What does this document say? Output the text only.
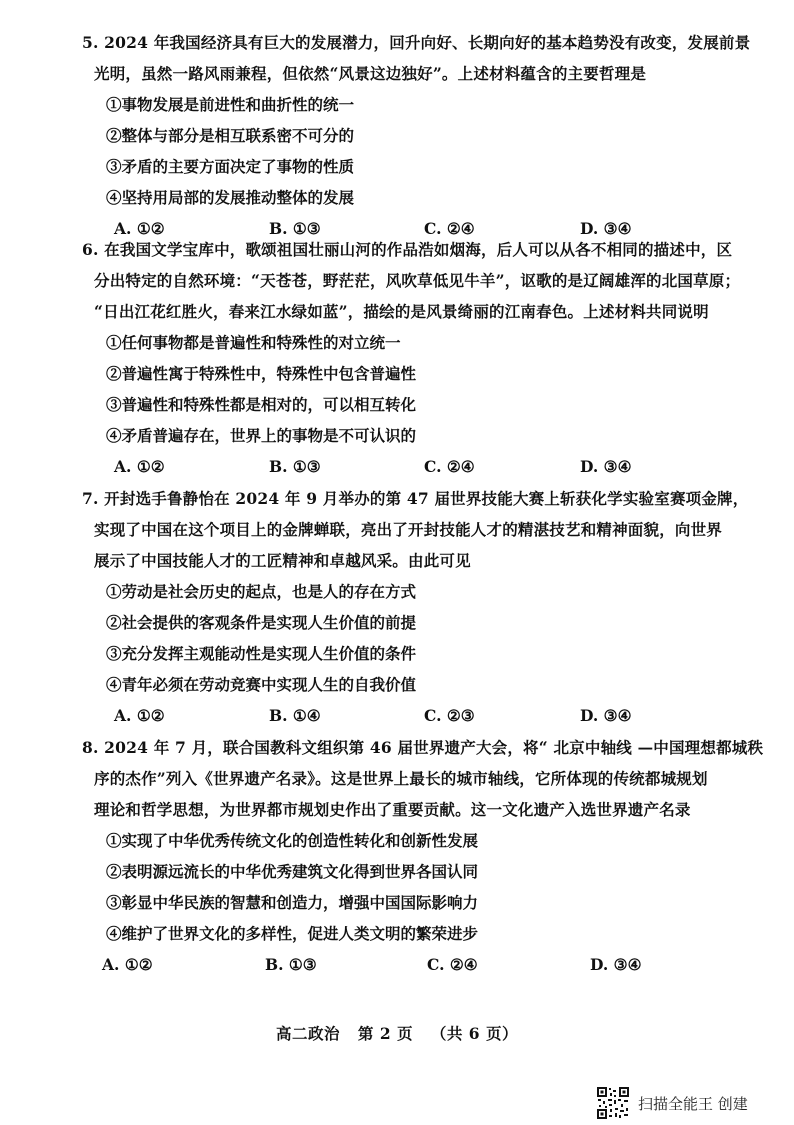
5. 2024 年我国经济具有巨大的发展潜力，回升向好、长期向好的基本趋势没有改变，发展前景
光明，虽然一路风雨兼程，但依然“风景这边独好”。上述材料蕴含的主要哲理是
①事物发展是前进性和曲折性的统一
②整体与部分是相互联系密不可分的
③矛盾的主要方面决定了事物的性质
④坚持用局部的发展推动整体的发展
A. ①②	B. ①③	C. ②④	D. ③④
6. 在我国文学宝库中，歌颂祖国壮丽山河的作品浩如烟海，后人可以从各不相同的描述中，区
分出特定的自然环境：“天苍苍，野茫茫，风吹草低见牛羊”，讴歌的是辽阔雄浑的北国草原；
“日出江花红胜火，春来江水绿如蓝”，描绘的是风景绮丽的江南春色。上述材料共同说明
①任何事物都是普遍性和特殊性的对立统一
②普遍性寓于特殊性中，特殊性中包含普遍性
③普遍性和特殊性都是相对的，可以相互转化
④矛盾普遍存在，世界上的事物是不可认识的
A. ①②	B. ①③	C. ②④	D. ③④
7. 开封选手鲁静怡在 2024 年 9 月举办的第 47 届世界技能大赛上斩获化学实验室赛项金牌，
实现了中国在这个项目上的金牌蝉联，亮出了开封技能人才的精湛技艺和精神面貌，向世界
展示了中国技能人才的工匠精神和卓越风采。由此可见
①劳动是社会历史的起点，也是人的存在方式
②社会提供的客观条件是实现人生价值的前提
③充分发挥主观能动性是实现人生价值的条件
④青年必须在劳动竞赛中实现人生的自我价值
A. ①②	B. ①④	C. ②③	D. ③④
8. 2024 年 7 月，联合国教科文组织第 46 届世界遗产大会，将“ 北京中轴线 —中国理想都城秩
序的杰作”列入《世界遗产名录》。这是世界上最长的城市轴线，它所体现的传统都城规划
理论和哲学思想，为世界都市规划史作出了重要贡献。这一文化遗产入选世界遗产名录
①实现了中华优秀传统文化的创造性转化和创新性发展
②表明源远流长的中华优秀建筑文化得到世界各国认同
③彰显中华民族的智慧和创造力，增强中国国际影响力
④维护了世界文化的多样性，促进人类文明的繁荣进步
A. ①②	B. ①③	C. ②④	D. ③④
高二政治 第 2 页 （共 6 页）
扫描全能王 创建
